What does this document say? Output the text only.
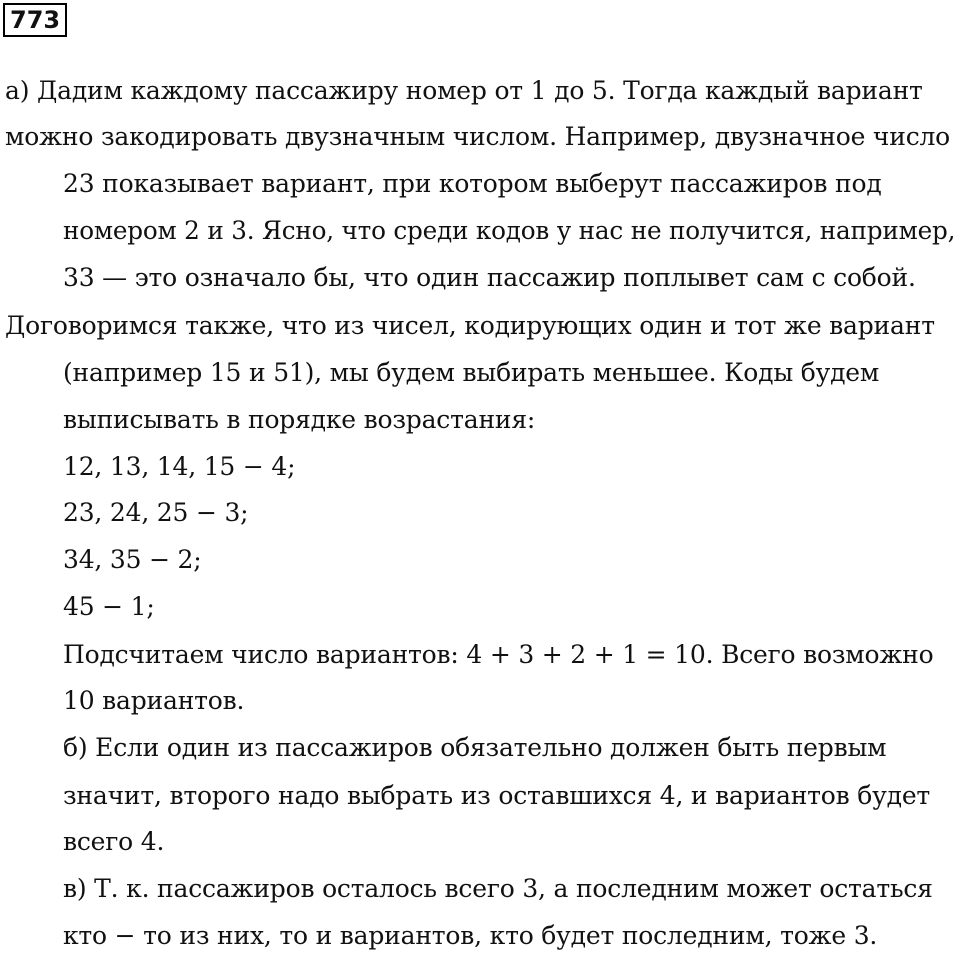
773
а) Дадим каждому пассажиру номер от 1 до 5. Тогда каждый вариант
можно закодировать двузначным числом. Например, двузначное число
23 показывает вариант, при котором выберут пассажиров под
номером 2 и 3. Ясно, что среди кодов у нас не получится, например,
33 — это означало бы, что один пассажир поплывет сам с собой.
Договоримся также, что из чисел, кодирующих один и тот же вариант
(например 15 и 51), мы будем выбирать меньшее. Коды будем
выписывать в порядке возрастания:
12, 13, 14, 15 − 4;
23, 24, 25 − 3;
34, 35 − 2;
45 − 1;
Подсчитаем число вариантов: 4 + 3 + 2 + 1 = 10. Всего возможно
10 вариантов.
б) Если один из пассажиров обязательно должен быть первым
значит, второго надо выбрать из оставшихся 4, и вариантов будет
всего 4.
в) Т. к. пассажиров осталось всего 3, а последним может остаться
кто − то из них, то и вариантов, кто будет последним, тоже 3.
